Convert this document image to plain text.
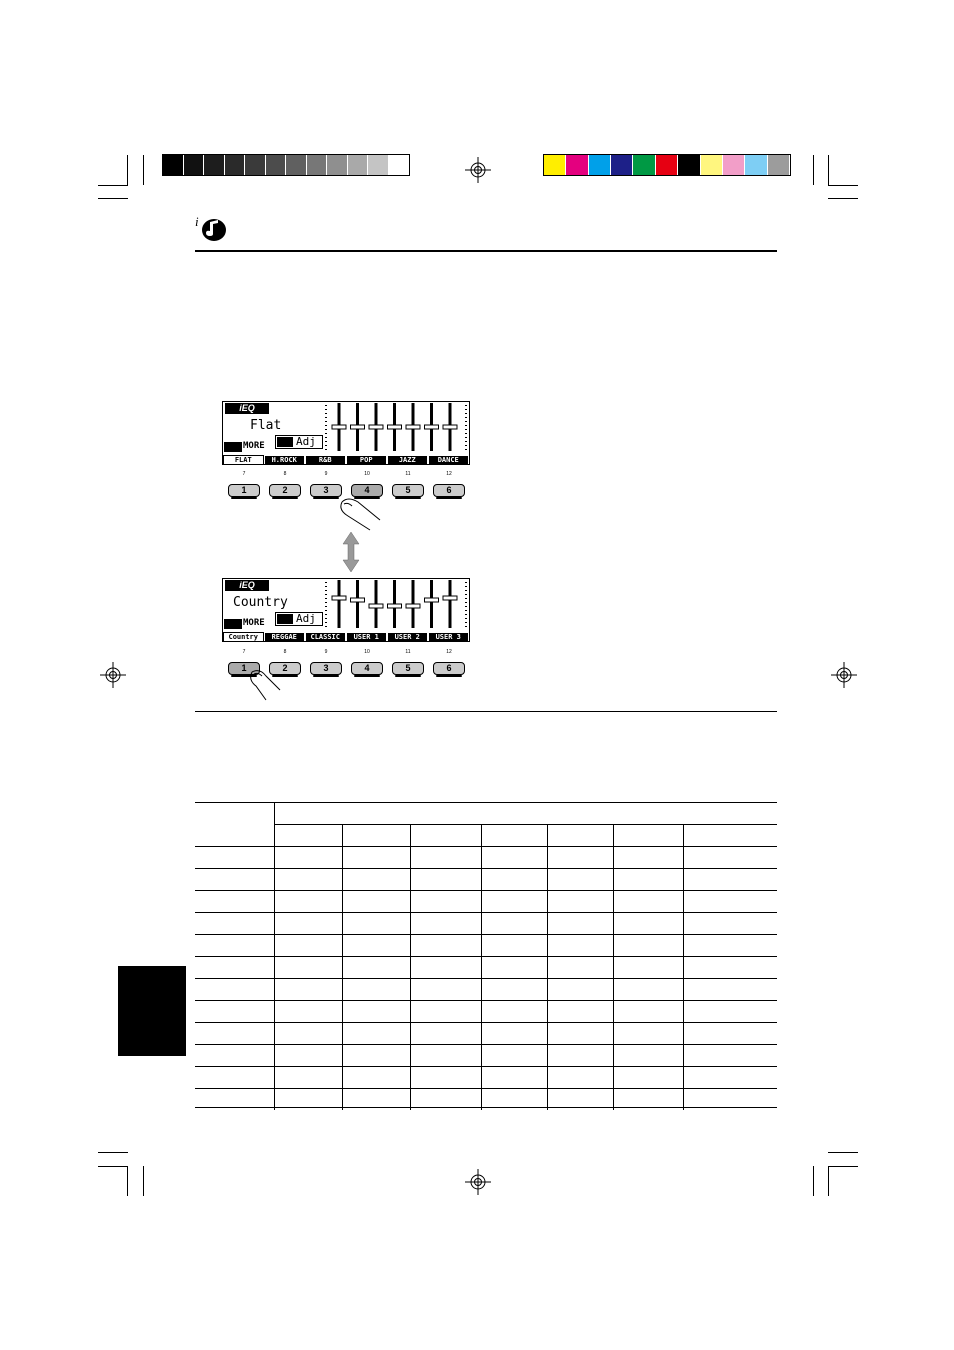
i
iEQ
Flat
MORE	Adj
FLAT	H.ROCK	R&B	POP	JAZZ	DANCE
7	8	9	10	11	12
1	2	3	4	5	6
iEQ
Country
MORE	Adj
Country	REGGAE	CLASSIC	USER 1	USER 2	USER 3
7	8	9	10	11	12
1	2	3	4	5	6
